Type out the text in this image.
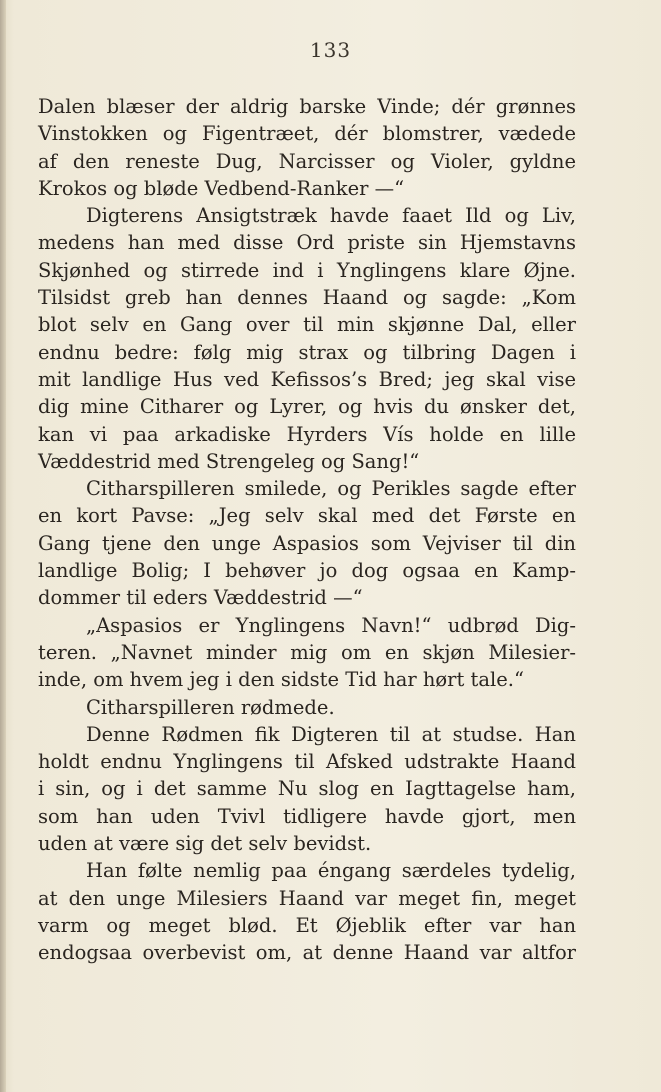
133
Dalen blæser der aldrig barske Vinde; dér grønnes
Vinstokken og Figentræet, dér blomstrer, vædede
af den reneste Dug, Narcisser og Violer, gyldne
Krokos og bløde Vedbend-Ranker —“
Digterens Ansigtstræk havde faaet Ild og Liv,
medens han med disse Ord priste sin Hjemstavns
Skjønhed og stirrede ind i Ynglingens klare Øjne.
Tilsidst greb han dennes Haand og sagde: „Kom
blot selv en Gang over til min skjønne Dal, eller
endnu bedre: følg mig strax og tilbring Dagen i
mit landlige Hus ved Kefissos’s Bred; jeg skal vise
dig mine Citharer og Lyrer, og hvis du ønsker det,
kan vi paa arkadiske Hyrders Vís holde en lille
Væddestrid med Strengeleg og Sang!“
Citharspilleren smilede, og Perikles sagde efter
en kort Pavse: „Jeg selv skal med det Første en
Gang tjene den unge Aspasios som Vejviser til din
landlige Bolig; I behøver jo dog ogsaa en Kamp-
dommer til eders Væddestrid —“
„Aspasios er Ynglingens Navn!“ udbrød Dig-
teren. „Navnet minder mig om en skjøn Milesier-
inde, om hvem jeg i den sidste Tid har hørt tale.“
Citharspilleren rødmede.
Denne Rødmen fik Digteren til at studse. Han
holdt endnu Ynglingens til Afsked udstrakte Haand
i sin, og i det samme Nu slog en Iagttagelse ham,
som han uden Tvivl tidligere havde gjort, men
uden at være sig det selv bevidst.
Han følte nemlig paa éngang særdeles tydelig,
at den unge Milesiers Haand var meget fin, meget
varm og meget blød. Et Øjeblik efter var han
endogsaa overbevist om, at denne Haand var altfor
